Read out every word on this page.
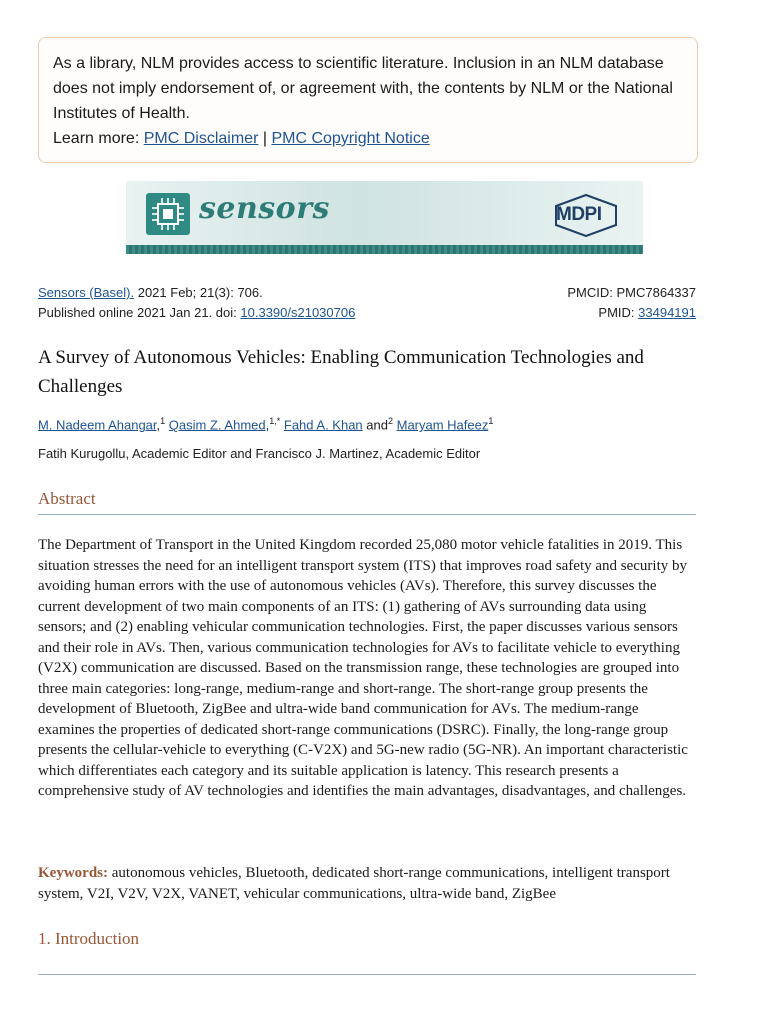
As a library, NLM provides access to scientific literature. Inclusion in an NLM database does not imply endorsement of, or agreement with, the contents by NLM or the National Institutes of Health.

Learn more: PMC Disclaimer | PMC Copyright Notice

sensors	MDPI
Sensors (Basel). 2021 Feb; 21(3): 706.	PMCID: PMC7864337
Published online 2021 Jan 21. doi: 10.3390/s21030706	PMID: 33494191
A Survey of Autonomous Vehicles: Enabling Communication Technologies and Challenges
M. Nadeem Ahangar,$^1$ Qasim Z. Ahmed,$^{1,*}$ Fahd A. Khan and$^2$ Maryam Hafeez$^1$
Fatih Kurugollu, Academic Editor and Francisco J. Martinez, Academic Editor
Abstract

The Department of Transport in the United Kingdom recorded 25,080 motor vehicle fatalities in 2019. This situation stresses the need for an intelligent transport system (ITS) that improves road safety and security by avoiding human errors with the use of autonomous vehicles (AVs). Therefore, this survey discusses the current development of two main components of an ITS: (1) gathering of AVs surrounding data using sensors; and (2) enabling vehicular communication technologies. First, the paper discusses various sensors and their role in AVs. Then, various communication technologies for AVs to facilitate vehicle to everything (V2X) communication are discussed. Based on the transmission range, these technologies are grouped into three main categories: long-range, medium-range and short-range. The short-range group presents the development of Bluetooth, ZigBee and ultra-wide band communication for AVs. The medium-range examines the properties of dedicated short-range communications (DSRC). Finally, the long-range group presents the cellular-vehicle to everything (C-V2X) and 5G-new radio (5G-NR). An important characteristic which differentiates each category and its suitable application is latency. This research presents a comprehensive study of AV technologies and identifies the main advantages, disadvantages, and challenges.

Keywords: autonomous vehicles, Bluetooth, dedicated short-range communications, intelligent transport system, V2I, V2V, V2X, VANET, vehicular communications, ultra-wide band, ZigBee

1. Introduction
